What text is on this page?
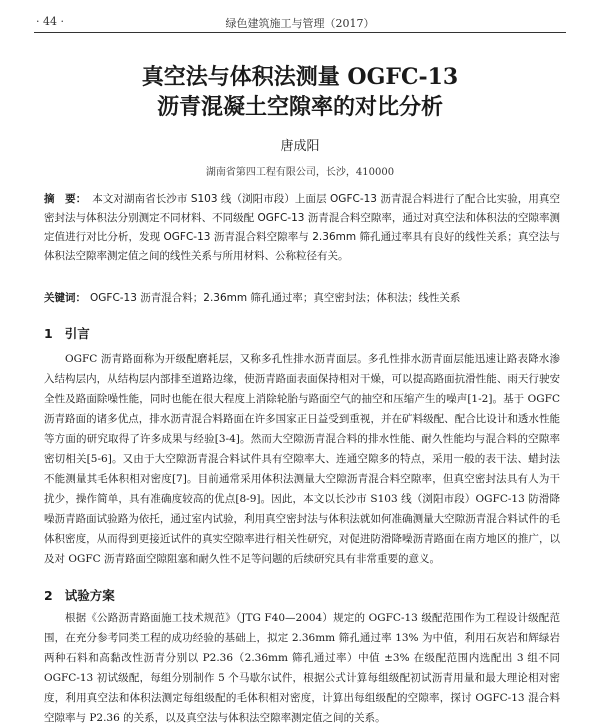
· 44 ·	绿色建筑施工与管理（2017）
真空法与体积法测量 OGFC-13
沥青混凝土空隙率的对比分析
唐成阳
湖南省第四工程有限公司，长沙，410000
摘　要： 本文对湖南省长沙市 S103 线（浏阳市段）上面层 OGFC-13 沥青混合料进行了配合比实验，用真空密封法与体积法分别测定不同材料、不同级配 OGFC-13 沥青混合料空隙率，通过对真空法和体积法的空隙率测定值进行对比分析，发现 OGFC-13 沥青混合料空隙率与 2.36mm 筛孔通过率具有良好的线性关系；真空法与体积法空隙率测定值之间的线性关系与所用材料、公称粒径有关。
关键词： OGFC-13 沥青混合料；2.36mm 筛孔通过率；真空密封法；体积法；线性关系
1 引言
OGFC 沥青路面称为开级配磨耗层，又称多孔性排水沥青面层。多孔性排水沥青面层能迅速让路表降水渗入结构层内，从结构层内部排至道路边缘，使沥青路面表面保持相对干燥，可以提高路面抗滑性能、雨天行驶安全性及路面除噪性能，同时也能在很大程度上消除轮胎与路面空气的抽空和压缩产生的噪声[1-2]。基于 OGFC 沥青路面的诸多优点，排水沥青混合料路面在许多国家正日益受到重视，并在矿料级配、配合比设计和透水性能等方面的研究取得了许多成果与经验[3-4]。然而大空隙沥青混合料的排水性能、耐久性能均与混合料的空隙率密切相关[5-6]。又由于大空隙沥青混合料试件具有空隙率大、连通空隙多的特点，采用一般的表干法、蜡封法不能测量其毛体积相对密度[7]。目前通常采用体积法测量大空隙沥青混合料空隙率，但真空密封法具有人为干扰少，操作简单，具有准确度较高的优点[8-9]。因此，本文以长沙市 S103 线（浏阳市段）OGFC-13 防滑降噪沥青路面试验路为依托，通过室内试验，利用真空密封法与体积法就如何准确测量大空隙沥青混合料试件的毛体积密度，从而得到更接近试件的真实空隙率进行相关性研究，对促进防滑降噪沥青路面在南方地区的推广，以及对 OGFC 沥青路面空隙阻塞和耐久性不足等问题的后续研究具有非常重要的意义。
2 试验方案
根据《公路沥青路面施工技术规范》（JTG F40—2004）规定的 OGFC-13 级配范围作为工程设计级配范围，在充分参考同类工程的成功经验的基础上，拟定 2.36mm 筛孔通过率 13% 为中值，利用石灰岩和辉绿岩两种石料和高黏改性沥青分别以 P2.36（2.36mm 筛孔通过率）中值 ±3% 在级配范围内选配出 3 组不同 OGFC-13 初试级配，每组分别制作 5 个马歇尔试件，根据公式计算每组级配初试沥青用量和最大理论相对密度，利用真空法和体积法测定每组级配的毛体积相对密度，计算出每组级配的空隙率，探讨 OGFC-13 混合料空隙率与 P2.36 的关系，以及真空法与体积法空隙率测定值之间的关系。
